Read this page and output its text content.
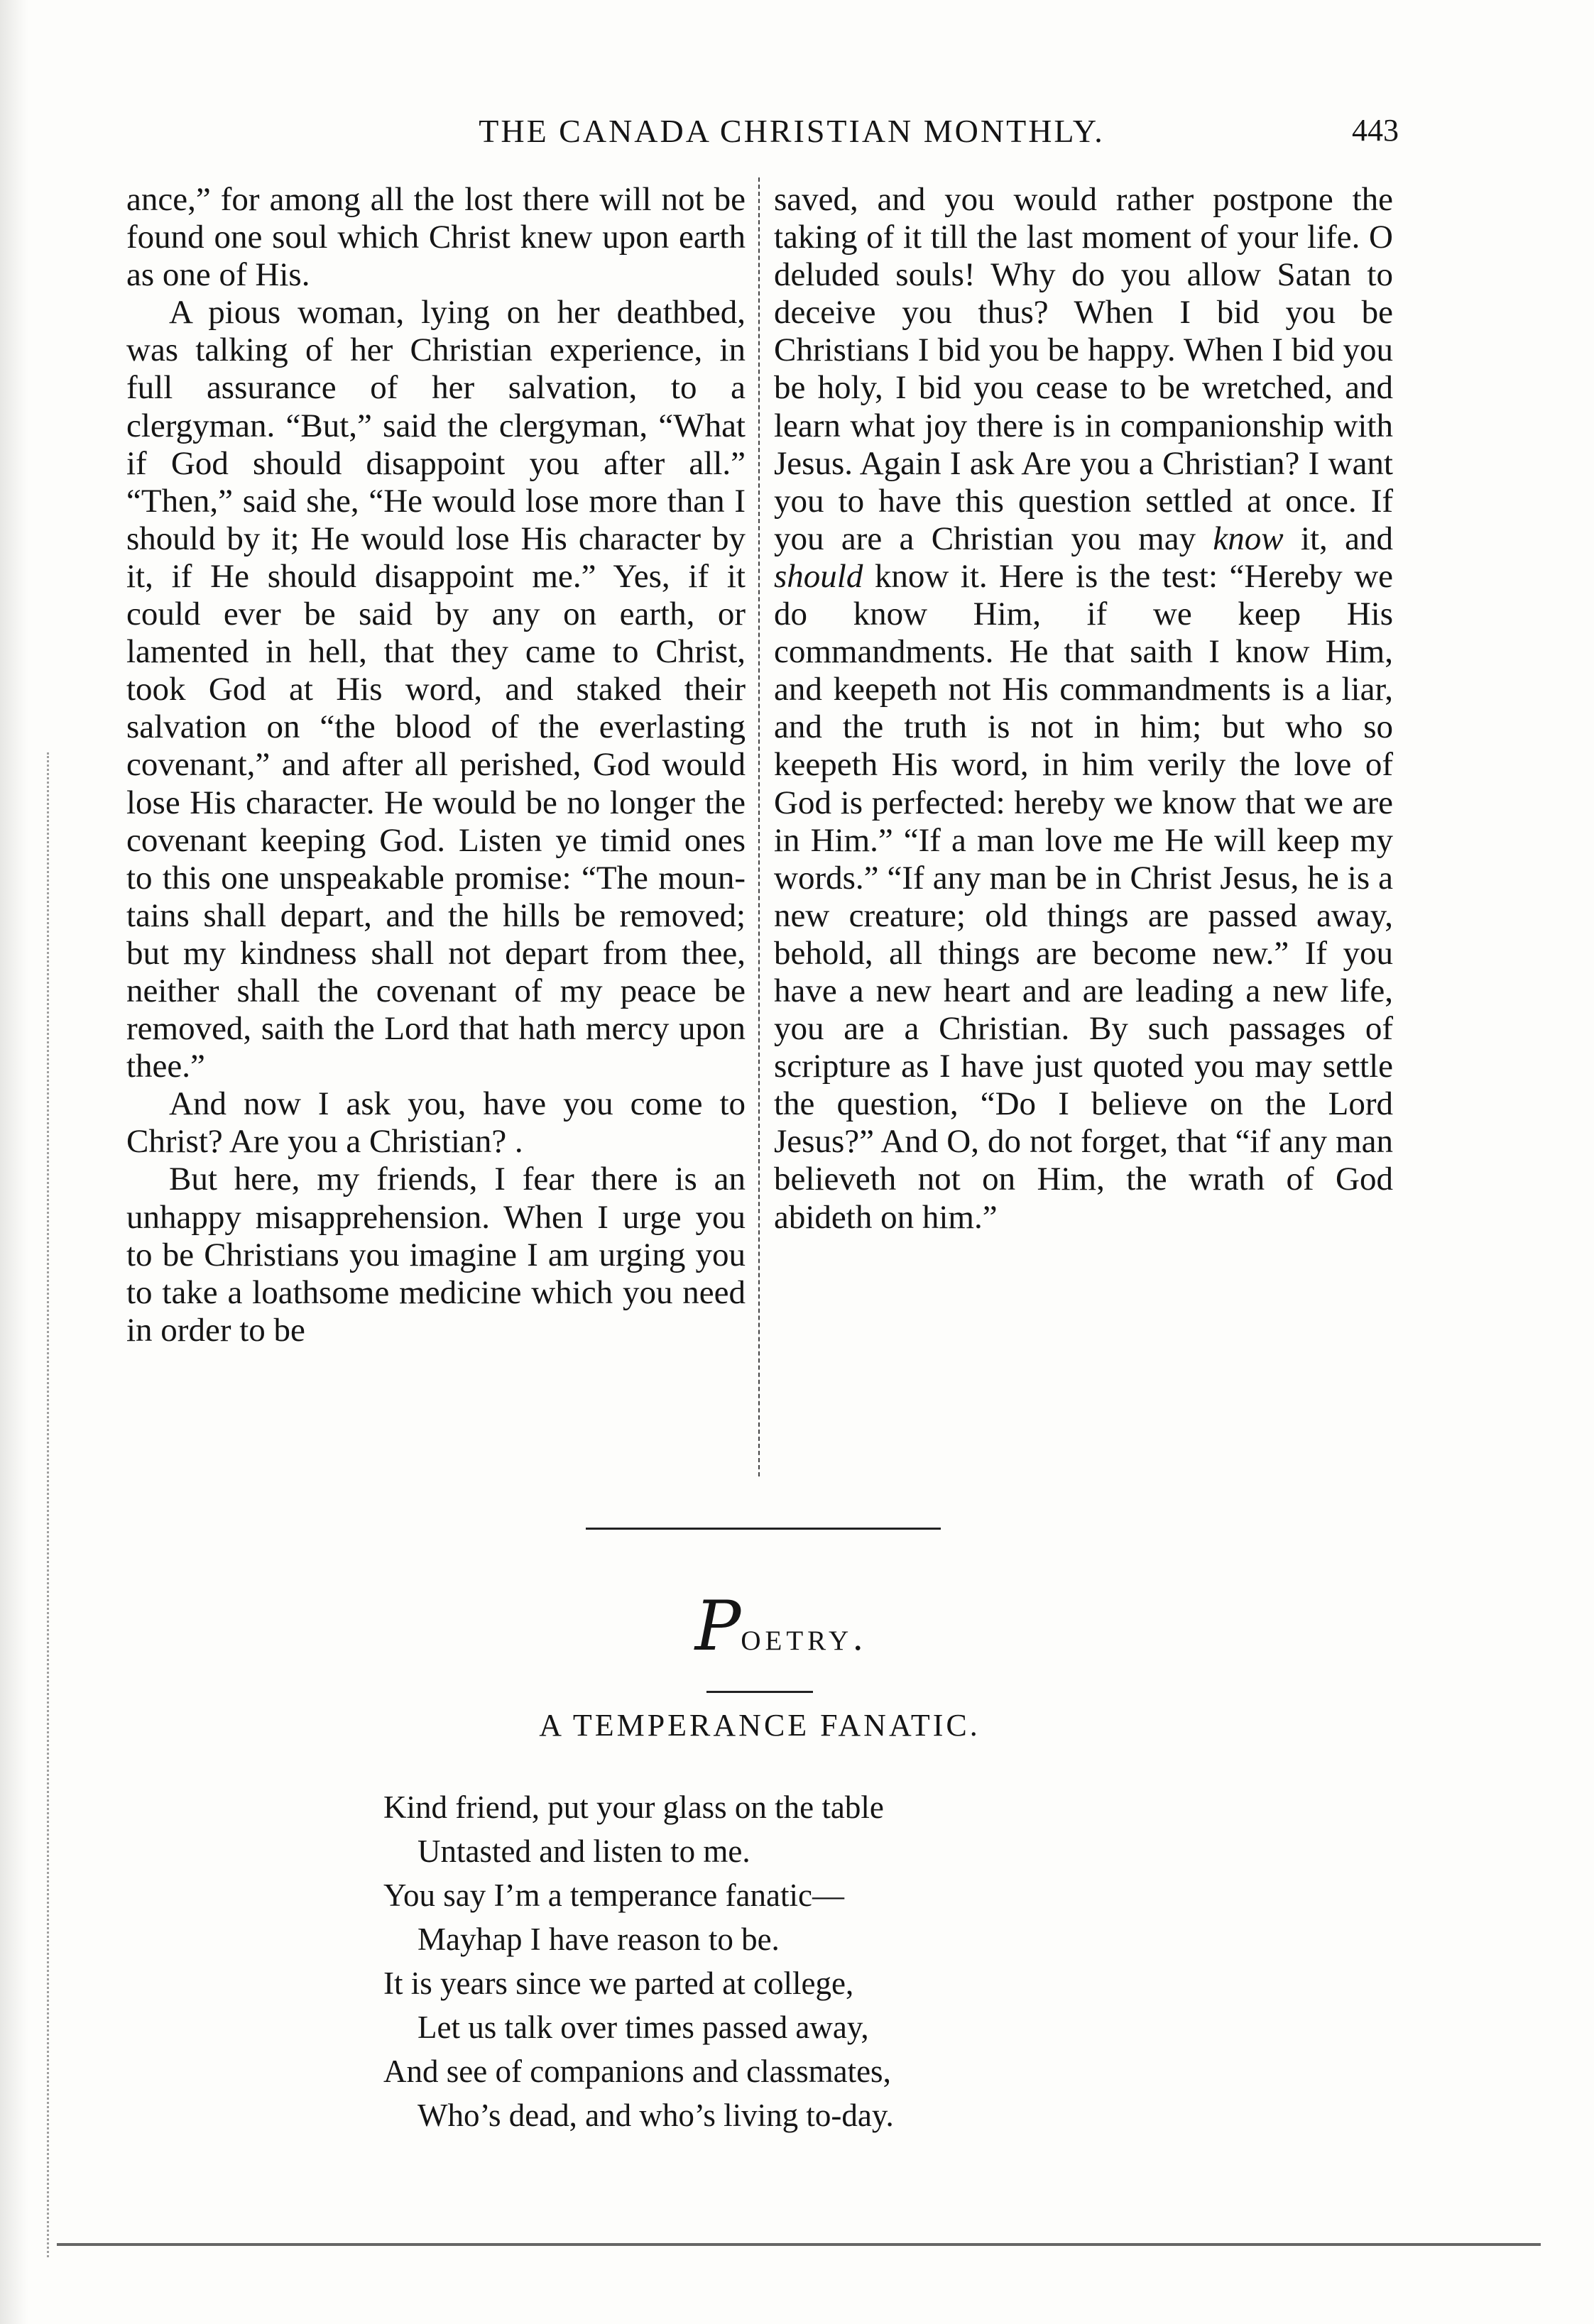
THE CANADA CHRISTIAN MONTHLY.	443

ance,” for among all the lost there will not be found one soul which Christ knew upon earth as one of His.

A pious woman, lying on her deathbed, was talking of her Christian experience, in full assurance of her salvation, to a clergyman. “But,” said the clergyman, “What if God should disappoint you after all.” “Then,” said she, “He would lose more than I should by it; He would lose His character by it, if He should disappoint me.” Yes, if it could ever be said by any on earth, or lamented in hell, that they came to Christ, took God at His word, and staked their salvation on “the blood of the everlasting covenant,” and after all perished, God would lose His character. He would be no longer the covenant keeping God. Listen ye timid ones to this one unspeakable promise: “The mountains shall depart, and the hills be removed; but my kindness shall not depart from thee, neither shall the covenant of my peace be removed, saith the Lord that hath mercy upon thee.”

And now I ask you, have you come to Christ? Are you a Christian? .

But here, my friends, I fear there is an unhappy misapprehension. When I urge you to be Christians you imagine I am urging you to take a loathsome medicine which you need in order to be

saved, and you would rather postpone the taking of it till the last moment of your life. O deluded souls! Why do you allow Satan to deceive you thus? When I bid you be Christians I bid you be happy. When I bid you be holy, I bid you cease to be wretched, and learn what joy there is in companionship with Jesus. Again I ask Are you a Christian? I want you to have this question settled at once. If you are a Christian you may know it, and should know it. Here is the test: “Hereby we do know Him, if we keep His commandments. He that saith I know Him, and keepeth not His commandments is a liar, and the truth is not in him; but who so keepeth His word, in him verily the love of God is perfected: hereby we know that we are in Him.” “If a man love me He will keep my words.” “If any man be in Christ Jesus, he is a new creature; old things are passed away, behold, all things are become new.” If you have a new heart and are leading a new life, you are a Christian. By such passages of scripture as I have just quoted you may settle the question, “Do I believe on the Lord Jesus?” And O, do not forget, that “if any man believeth not on Him, the wrath of God abideth on him.”

Poetry.
A TEMPERANCE FANATIC.
Kind friend, put your glass on the table
Untasted and listen to me.
You say I’m a temperance fanatic—
Mayhap I have reason to be.
It is years since we parted at college,
Let us talk over times passed away,
And see of companions and classmates,
Who’s dead, and who’s living to-day.
